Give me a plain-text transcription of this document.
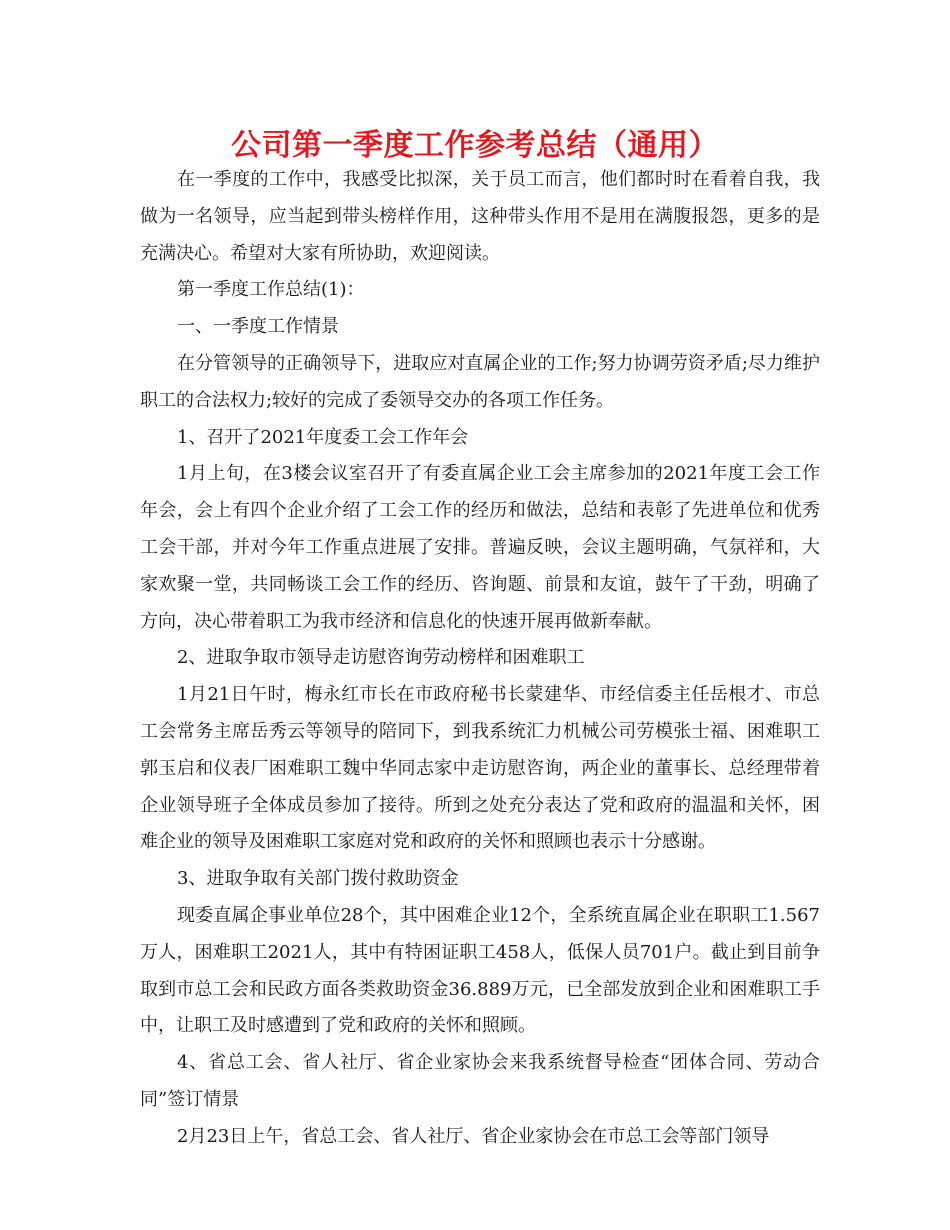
公司第一季度工作参考总结（通用）

在一季度的工作中，我感受比拟深，关于员工而言，他们都时时在看着自我，我做为一名领导，应当起到带头榜样作用，这种带头作用不是用在满腹报怨，更多的是充满决心。希望对大家有所协助，欢迎阅读。

第一季度工作总结(1)：

一、一季度工作情景

在分管领导的正确领导下，进取应对直属企业的工作;努力协调劳资矛盾;尽力维护职工的合法权力;较好的完成了委领导交办的各项工作任务。

1、召开了2021年度委工会工作年会

1月上旬，在3楼会议室召开了有委直属企业工会主席参加的2021年度工会工作年会，会上有四个企业介绍了工会工作的经历和做法，总结和表彰了先进单位和优秀工会干部，并对今年工作重点进展了安排。普遍反映，会议主题明确，气氛祥和，大家欢聚一堂，共同畅谈工会工作的经历、咨询题、前景和友谊，鼓午了干劲，明确了方向，决心带着职工为我市经济和信息化的快速开展再做新奉献。

2、进取争取市领导走访慰咨询劳动榜样和困难职工

1月21日午时，梅永红市长在市政府秘书长蒙建华、市经信委主任岳根才、市总工会常务主席岳秀云等领导的陪同下，到我系统汇力机械公司劳模张士福、困难职工郭玉启和仪表厂困难职工魏中华同志家中走访慰咨询，两企业的董事长、总经理带着企业领导班子全体成员参加了接待。所到之处充分表达了党和政府的温温和关怀，困难企业的领导及困难职工家庭对党和政府的关怀和照顾也表示十分感谢。

3、进取争取有关部门拨付救助资金

现委直属企事业单位28个，其中困难企业12个，全系统直属企业在职职工1.567万人，困难职工2021人，其中有特困证职工458人，低保人员701户。截止到目前争取到市总工会和民政方面各类救助资金36.889万元，已全部发放到企业和困难职工手中，让职工及时感遭到了党和政府的关怀和照顾。

4、省总工会、省人社厅、省企业家协会来我系统督导检查“团体合同、劳动合同”签订情景

2月23日上午，省总工会、省人社厅、省企业家协会在市总工会等部门领导
